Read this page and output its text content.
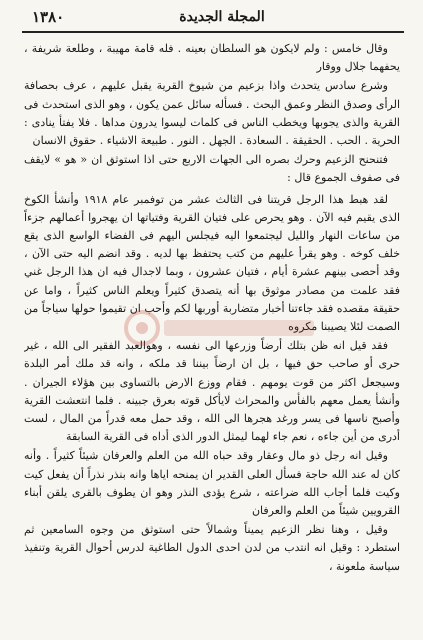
١٣٨٠	المجلة الجديدة

وقال خامس : ولم لايكون هو السلطان بعينه . فله قامة مهيبة ، وطلعة شريفة ، يحفهما جلال ووقار

وشرع سادس يتحدث واذا بزعيم من شيوخ القرية يقبل عليهم ، عرف بحصافة الرأى وصدق النظر وعمق البحث . فسأله سائل عمن يكون ، وهو الذى استحدث فى القرية والذى يجوبها ويخطب الناس فى كلمات ليسوا يدرون مداها . فلا يفتأ ينادى : الحرية . الحب . الحقيقة . السعادة . الجهل . النور . طبيعة الاشياء . حقوق الانسان

فتنحنح الزعيم وحرك بصره الى الجهات الاربع حتى اذا استوثق ان « هو » لايقف فى صفوف الجموع قال :

لقد هبط هذا الرجل قريتنا فى الثالث عشر من توفمبر عام ١٩١٨ وأنشأ الكوخ الذى يقيم فيه الآن . وهو يحرص على فتيان القرية وفتياتها ان يهجروا أعمالهم جزءاً من ساعات النهار والليل ليجتمعوا اليه فيجلس اليهم فى الفضاء الواسع الذى يقع خلف كوخه . وهو يقرأ عليهم من كتب يحتفظ بها لديه . وقد انضم اليه حتى الآن ، وقد أحصى بينهم عشرة أيام ، فتيان عشرون ، وبما لاجدال فيه ان هذا الرجل غني فقد علمت من مصادر موثوق بها أنه يتصدق كثيراً ويعلم الناس كثيراً ، واما عن حقيقة مقصده فقد جاءتنا أخبار متضاربة أوربها لكم وأحب ان تقيموا حولها سياجاً من الصمت لئلا يصيبنا مكروه

فقد قيل انه ظن بتلك أرضاً وزرعها الى نفسه ، وهوالعبد الفقير الى الله ، غير حرى أو صاحب حق فيها ، بل ان ارضاً بيننا قد ملكه ، وانه قد ملك أمر البلدة وسيجعل اكثر من قوت يومهم . فقام ووزع الارض بالتساوى بين هؤلاء الجيران . وأنشأ يعمل معهم بالفأس والمحراث لايأكل قوته بعرق جبينه . فلما انتعشت القرية وأصبح ناسها فى يسر ورغد هجرها الى الله ، وقد حمل معه قدراً من المال ، لست أدرى من أين جاءه ، نعم جاء لهما ليمثل الدور الذى أداه فى القرية السابقة

وقيل انه رجل ذو مال وعقار وقد حباه الله من العلم والعرفان شيئاً كثيراً . وأنه كان له عند الله حاجة فسأل العلى القدير ان يمنحه اياها وانه بنذر نذراً أن يفعل كيت وكيت فلما أجاب الله ضراعته ، شرع يؤدى النذر وهو ان يطوف بالقرى يلقن أبناء القرويين شيئاً من العلم والعرفان

وقيل ، وهنا نظر الزعيم يميناً وشمالاً حتى استوثق من وجوه السامعين ثم استطرد : وقيل انه انتدب من لدن احدى الدول الطاغية لدرس أحوال القرية وتنفيذ سياسة ملعونة ،
